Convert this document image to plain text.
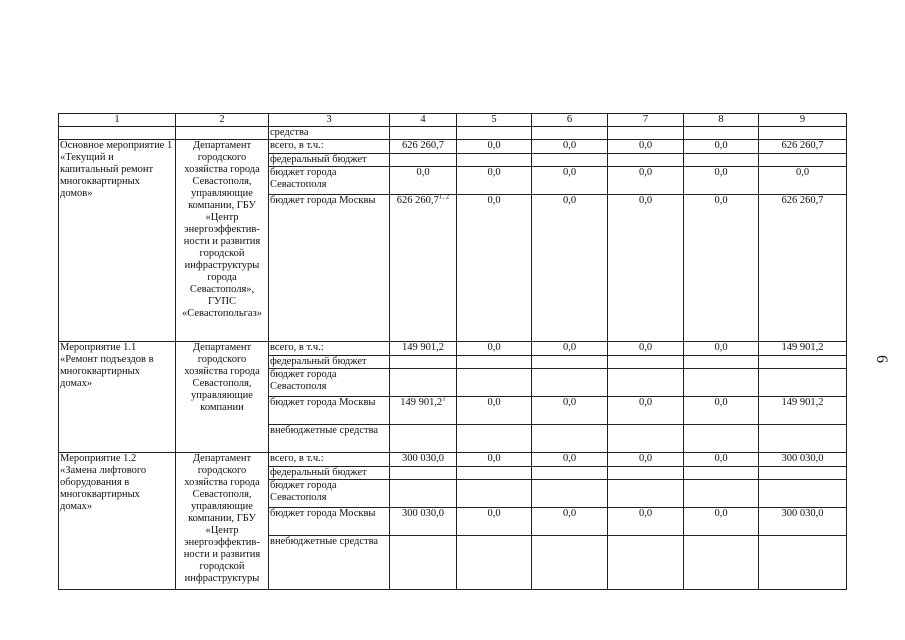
1	2	3	4	5	6	7	8	9
		средства						
Основное мероприятие 1 «Текущий и капитальный ремонт многоквартирных домов»	Департамент городского хозяйства города Севастополя, управляющие компании, ГБУ «Центр энергоэффектив-ности и развития городской инфраструктуры города Севастополя», ГУПС «Севастопольгаз»	всего, в т.ч.:	626 260,7	0,0	0,0	0,0	0,0	626 260,7
		федеральный бюджет						
		бюджет города Севастополя	0,0	0,0	0,0	0,0	0,0	0,0
		бюджет города Москвы	626 260,7$^{1, 2}$	0,0	0,0	0,0	0,0	626 260,7
Мероприятие 1.1 «Ремонт подъездов в многоквартирных домах»	Департамент городского хозяйства города Севастополя, управляющие компании	всего, в т.ч.:	149 901,2	0,0	0,0	0,0	0,0	149 901,2
		федеральный бюджет						
		бюджет города Севастополя						
		бюджет города Москвы	149 901,2$^1$	0,0	0,0	0,0	0,0	149 901,2
		внебюджетные средства						
Мероприятие 1.2 «Замена лифтового оборудования в многоквартирных домах»	Департамент городского хозяйства города Севастополя, управляющие компании, ГБУ «Центр энергоэффектив-ности и развития городской инфраструктуры	всего, в т.ч.:	300 030,0	0,0	0,0	0,0	0,0	300 030,0
		федеральный бюджет						
		бюджет города Севастополя						
		бюджет города Москвы	300 030,0	0,0	0,0	0,0	0,0	300 030,0
		внебюджетные средства						
6
